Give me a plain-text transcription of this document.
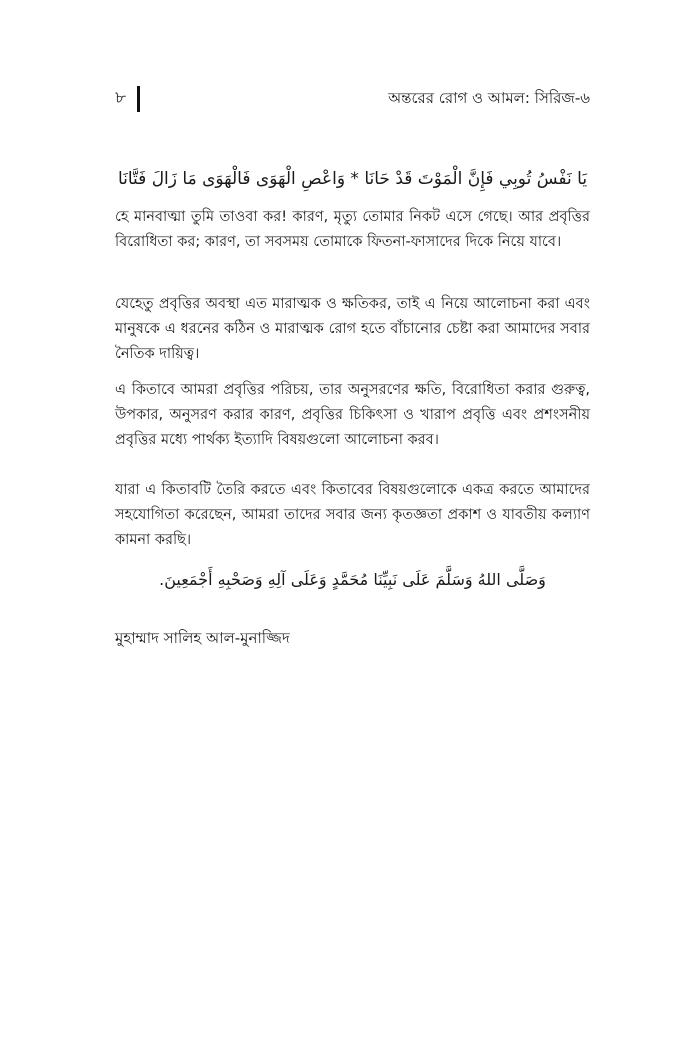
৮	অন্তরের রোগ ও আমল: সিরিজ-৬
يَا نَفْسُ تُوبِي فَإِنَّ الْمَوْتَ قَدْ حَانَا * وَاعْصِ الْهَوَى فَالْهَوَى مَا زَالَ فَتَّانَا

হে মানবাত্মা তুমি তাওবা কর! কারণ, মৃত্যু তোমার নিকট এসে গেছে। আর প্রবৃত্তির বিরোধিতা কর; কারণ, তা সবসময় তোমাকে ফিতনা-ফাসাদের দিকে নিয়ে যাবে।

যেহেতু প্রবৃত্তির অবস্থা এত মারাত্মক ও ক্ষতিকর, তাই এ নিয়ে আলোচনা করা এবং মানুষকে এ ধরনের কঠিন ও মারাত্মক রোগ হতে বাঁচানোর চেষ্টা করা আমাদের সবার নৈতিক দায়িত্ব।

এ কিতাবে আমরা প্রবৃত্তির পরিচয়, তার অনুসরণের ক্ষতি, বিরোধিতা করার গুরুত্ব, উপকার, অনুসরণ করার কারণ, প্রবৃত্তির চিকিৎসা ও খারাপ প্রবৃত্তি এবং প্রশংসনীয় প্রবৃত্তির মধ্যে পার্থক্য ইত্যাদি বিষয়গুলো আলোচনা করব।

যারা এ কিতাবটি তৈরি করতে এবং কিতাবের বিষয়গুলোকে একত্র করতে আমাদের সহযোগিতা করেছেন, আমরা তাদের সবার জন্য কৃতজ্ঞতা প্রকাশ ও যাবতীয় কল্যাণ কামনা করছি।

وَصَلَّى اللهُ وَسَلَّمَ عَلَى نَبِيِّنَا مُحَمَّدٍ وَعَلَى آلِهِ وَصَحْبِهِ أَجْمَعِينَ.
মুহাম্মাদ সালিহ আল-মুনাজ্জিদ
